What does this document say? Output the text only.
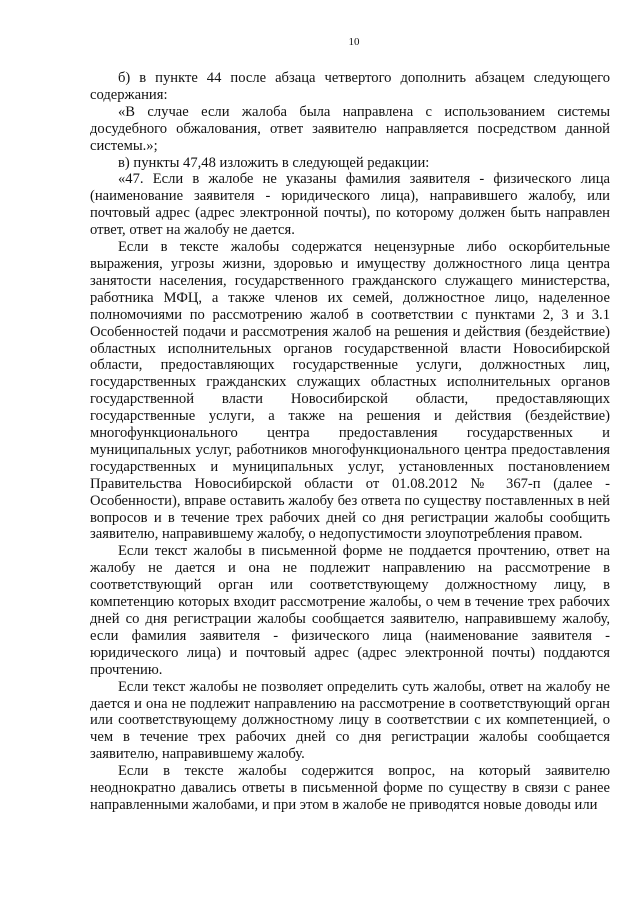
10

б) в пункте 44 после абзаца четвертого дополнить абзацем следующего содержания:

«В случае если жалоба была направлена с использованием системы досудебного обжалования, ответ заявителю направляется посредством данной системы.»;

в) пункты 47,48 изложить в следующей редакции:

«47. Если в жалобе не указаны фамилия заявителя - физического лица (наименование заявителя - юридического лица), направившего жалобу, или почтовый адрес (адрес электронной почты), по которому должен быть направлен ответ, ответ на жалобу не дается.

Если в тексте жалобы содержатся нецензурные либо оскорбительные выражения, угрозы жизни, здоровью и имуществу должностного лица центра занятости населения, государственного гражданского служащего министерства, работника МФЦ, а также членов их семей, должностное лицо, наделенное полномочиями по рассмотрению жалоб в соответствии с пунктами 2, 3 и 3.1 Особенностей подачи и рассмотрения жалоб на решения и действия (бездействие) областных исполнительных органов государственной власти Новосибирской области, предоставляющих государственные услуги, должностных лиц, государственных гражданских служащих областных исполнительных органов государственной власти Новосибирской области, предоставляющих государственные услуги, а также на решения и действия (бездействие) многофункционального центра предоставления государственных и муниципальных услуг, работников многофункционального центра предоставления государственных и муниципальных услуг, установленных постановлением Правительства Новосибирской области от 01.08.2012 № 367-п (далее - Особенности), вправе оставить жалобу без ответа по существу поставленных в ней вопросов и в течение трех рабочих дней со дня регистрации жалобы сообщить заявителю, направившему жалобу, о недопустимости злоупотребления правом.

Если текст жалобы в письменной форме не поддается прочтению, ответ на жалобу не дается и она не подлежит направлению на рассмотрение в соответствующий орган или соответствующему должностному лицу, в компетенцию которых входит рассмотрение жалобы, о чем в течение трех рабочих дней со дня регистрации жалобы сообщается заявителю, направившему жалобу, если фамилия заявителя - физического лица (наименование заявителя - юридического лица) и почтовый адрес (адрес электронной почты) поддаются прочтению.

Если текст жалобы не позволяет определить суть жалобы, ответ на жалобу не дается и она не подлежит направлению на рассмотрение в соответствующий орган или соответствующему должностному лицу в соответствии с их компетенцией, о чем в течение трех рабочих дней со дня регистрации жалобы сообщается заявителю, направившему жалобу.

Если в тексте жалобы содержится вопрос, на который заявителю неоднократно давались ответы в письменной форме по существу в связи с ранее направленными жалобами, и при этом в жалобе не приводятся новые доводы или
